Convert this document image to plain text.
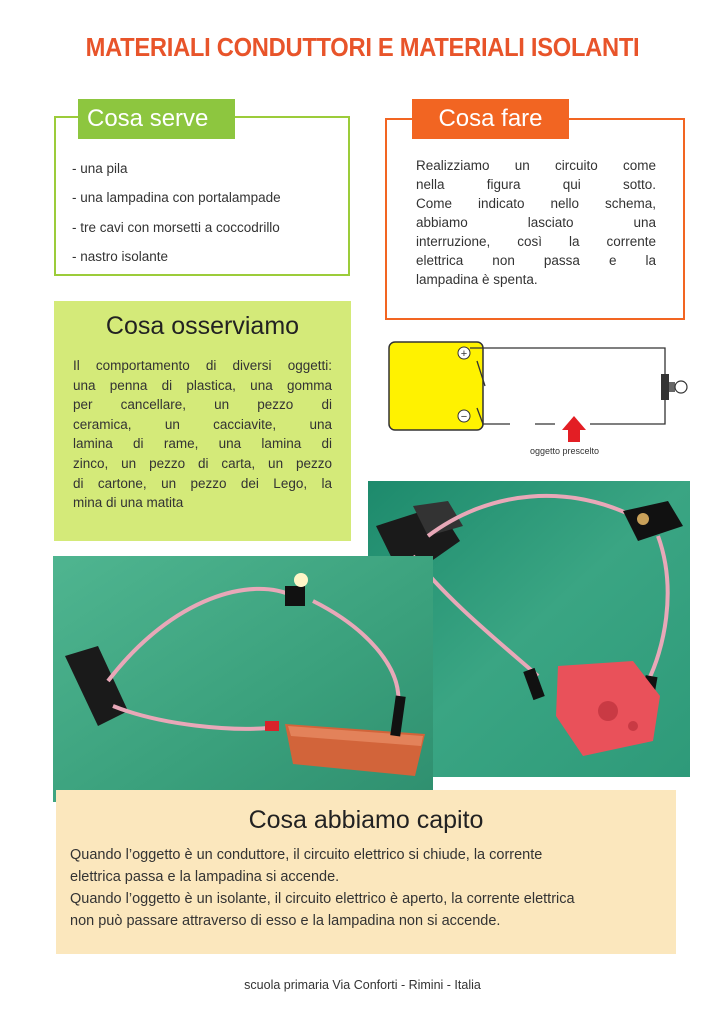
MATERIALI CONDUTTORI E MATERIALI ISOLANTI
Cosa serve
- una pila
- una lampadina con portalampade
- tre cavi con morsetti a coccodrillo
- nastro isolante
Cosa fare
Realizziamo un circuito come
nella figura qui sotto.
Come indicato nello schema,
abbiamo lasciato una
interruzione, così la corrente
elettrica non passa e la
lampadina è spenta.
Cosa osserviamo
Il comportamento di diversi oggetti:
una penna di plastica, una gomma
per cancellare, un pezzo di
ceramica, un cacciavite, una
lamina di rame, una lamina di
zinco, un pezzo di carta, un pezzo
di cartone, un pezzo dei Lego, la
mina di una matita
+
−
oggetto prescelto
Cosa abbiamo capito
Quando l’oggetto è un conduttore, il circuito elettrico si chiude, la corrente
elettrica passa e la lampadina si accende.
Quando l’oggetto è un isolante, il circuito elettrico è aperto, la corrente elettrica
non può passare attraverso di esso e la lampadina non si accende.
scuola primaria Via Conforti - Rimini - Italia
